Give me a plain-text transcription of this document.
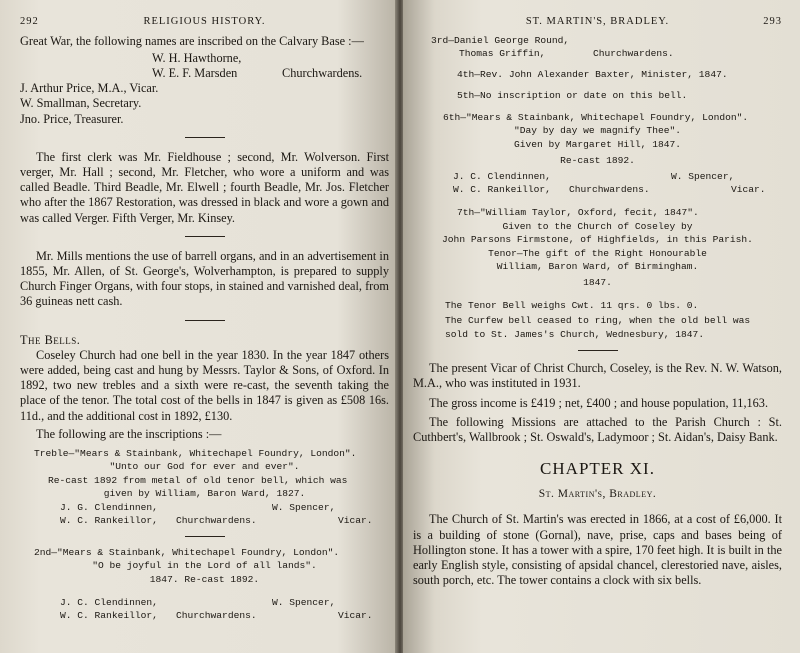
292	RELIGIOUS HISTORY.

Great War, the following names are inscribed on the Calvary Base :—

W. H. Hawthorne,
W. E. F. Marsden	Churchwardens.
J. Arthur Price, M.A., Vicar.
W. Smallman, Secretary.
Jno. Price, Treasurer.

The first clerk was Mr. Fieldhouse ; second, Mr. Wolverson. First verger, Mr. Hall ; second, Mr. Fletcher, who wore a uniform and was called Beadle. Third Beadle, Mr. Elwell ; fourth Beadle, Mr. Jos. Fletcher who after the 1867 Restoration, was dressed in black and wore a gown and was called Verger. Fifth Verger, Mr. Kinsey.

Mr. Mills mentions the use of barrell organs, and in an advertisement in 1855, Mr. Allen, of St. George's, Wolverhampton, is prepared to supply Church Finger Organs, with four stops, in stained and varnished deal, from 36 guineas nett cash.

The Bells.

Coseley Church had one bell in the year 1830. In the year 1847 others were added, being cast and hung by Messrs. Taylor & Sons, of Oxford. In 1892, two new trebles and a sixth were re-cast, the seventh taking the place of the tenor. The total cost of the bells in 1847 is given as £508 16s. 11d., and the additional cost in 1892, £130.

The following are the inscriptions :—

Treble—"Mears & Stainbank, Whitechapel Foundry, London".
"Unto our God for ever and ever".
Re-cast 1892 from metal of old tenor bell, which was
given by William, Baron Ward, 1827.
J. G. Clendinnen,	W. Spencer,
W. C. Rankeillor, Churchwardens.	Vicar.
2nd—"Mears & Stainbank, Whitechapel Foundry, London".
"O be joyful in the Lord of all lands".
1847. Re-cast 1892.
J. C. Clendinnen,	W. Spencer,
W. C. Rankeillor, Churchwardens.	Vicar.
ST. MARTIN'S, BRADLEY.	293
3rd—Daniel George Round,
Thomas Griffin,	Churchwardens.
4th—Rev. John Alexander Baxter, Minister, 1847.
5th—No inscription or date on this bell.
6th—"Mears & Stainbank, Whitechapel Foundry, London".
"Day by day we magnify Thee".
Given by Margaret Hill, 1847.
Re-cast 1892.
J. C. Clendinnen,	W. Spencer,
W. C. Rankeillor, Churchwardens.	Vicar.
7th—"William Taylor, Oxford, fecit, 1847".
Given to the Church of Coseley by
John Parsons Firmstone, of Highfields, in this Parish.
Tenor—The gift of the Right Honourable
William, Baron Ward, of Birmingham.
1847.
The Tenor Bell weighs Cwt. 11 qrs. 0 lbs. 0.
The Curfew bell ceased to ring, when the old bell was sold to St. James's Church, Wednesbury, 1847.

The present Vicar of Christ Church, Coseley, is the Rev. N. W. Watson, M.A., who was instituted in 1931.

The gross income is £419 ; net, £400 ; and house population, 11,163.

The following Missions are attached to the Parish Church : St. Cuthbert's, Wallbrook ; St. Oswald's, Ladymoor ; St. Aidan's, Daisy Bank.

CHAPTER XI.
St. Martin's, Bradley.

The Church of St. Martin's was erected in 1866, at a cost of £6,000. It is a building of stone (Gornal), nave, prise, caps and bases being of Hollington stone. It has a tower with a spire, 170 feet high. It is built in the early English style, consisting of apsidal chancel, clerestoried nave, aisles, south porch, etc. The tower contains a clock with six bells.
